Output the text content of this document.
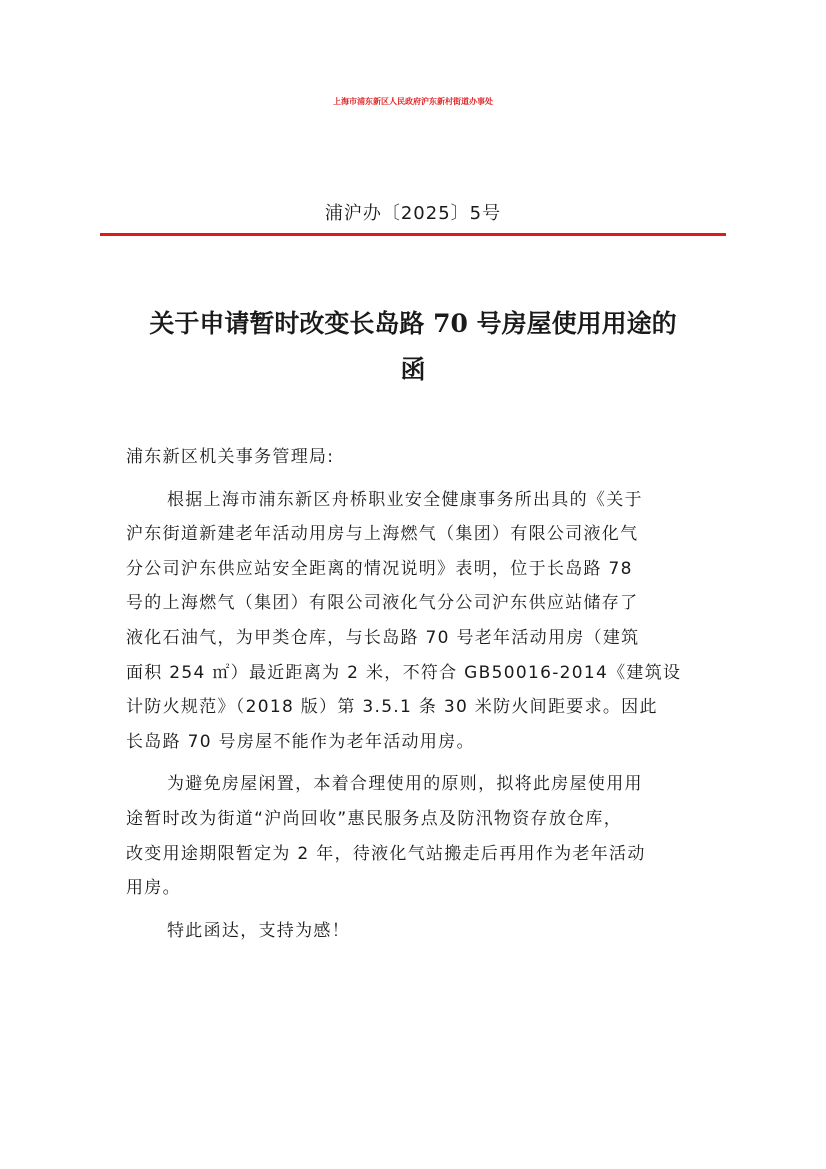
上海市浦东新区人民政府沪东新村街道办事处
浦沪办〔2025〕5号
关于申请暂时改变长岛路 70 号房屋使用用途的
函
浦东新区机关事务管理局:
根据上海市浦东新区舟桥职业安全健康事务所出具的《关于
沪东街道新建老年活动用房与上海燃气（集团）有限公司液化气
分公司沪东供应站安全距离的情况说明》表明，位于长岛路 78
号的上海燃气（集团）有限公司液化气分公司沪东供应站储存了
液化石油气，为甲类仓库，与长岛路 70 号老年活动用房（建筑
面积 254 ㎡）最近距离为 2 米，不符合 GB50016-2014《建筑设
计防火规范》（2018 版）第 3.5.1 条 30 米防火间距要求。因此
长岛路 70 号房屋不能作为老年活动用房。
为避免房屋闲置，本着合理使用的原则，拟将此房屋使用用
途暂时改为街道“沪尚回收”惠民服务点及防汛物资存放仓库，
改变用途期限暂定为 2 年，待液化气站搬走后再用作为老年活动
用房。
特此函达，支持为感！
